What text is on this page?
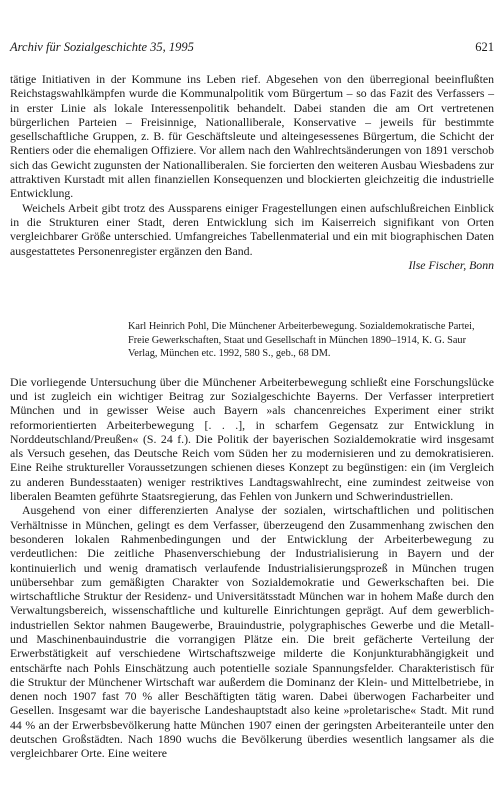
Archiv für Sozialgeschichte 35, 1995	621

tätige Initiativen in der Kommune ins Leben rief. Abgesehen von den überregional beeinflußten Reichstagswahlkämpfen wurde die Kommunalpolitik vom Bürgertum – so das Fazit des Verfassers – in erster Linie als lokale Interessenpolitik behandelt. Dabei standen die am Ort vertretenen bürgerlichen Parteien – Freisinnige, Nationalliberale, Konservative – jeweils für bestimmte gesellschaftliche Gruppen, z. B. für Geschäftsleute und alteingesessenes Bürgertum, die Schicht der Rentiers oder die ehemaligen Offiziere. Vor allem nach den Wahlrechtsänderungen von 1891 verschob sich das Gewicht zugunsten der Nationalliberalen. Sie forcierten den weiteren Ausbau Wiesbadens zur attraktiven Kurstadt mit allen finanziellen Konsequenzen und blockierten gleichzeitig die industrielle Entwicklung.

Weichels Arbeit gibt trotz des Aussparens einiger Fragestellungen einen aufschlußreichen Einblick in die Strukturen einer Stadt, deren Entwicklung sich im Kaiserreich signifikant von Orten vergleichbarer Größe unterschied. Umfangreiches Tabellenmaterial und ein mit biographischen Daten ausgestattetes Personenregister ergänzen den Band.

Ilse Fischer, Bonn
Karl Heinrich Pohl, Die Münchener Arbeiterbewegung. Sozialdemokratische Partei, Freie Gewerkschaften, Staat und Gesellschaft in München 1890–1914, K. G. Saur Verlag, München etc. 1992, 580 S., geb., 68 DM.

Die vorliegende Untersuchung über die Münchener Arbeiterbewegung schließt eine Forschungslücke und ist zugleich ein wichtiger Beitrag zur Sozialgeschichte Bayerns. Der Verfasser interpretiert München und in gewisser Weise auch Bayern »als chancenreiches Experiment einer strikt reformorientierten Arbeiterbewegung [. . .], in scharfem Gegensatz zur Entwicklung in Norddeutschland/Preußen« (S. 24 f.). Die Politik der bayerischen Sozialdemokratie wird insgesamt als Versuch gesehen, das Deutsche Reich vom Süden her zu modernisieren und zu demokratisieren. Eine Reihe struktureller Voraussetzungen schienen dieses Konzept zu begünstigen: ein (im Vergleich zu anderen Bundesstaaten) weniger restriktives Landtagswahlrecht, eine zumindest zeitweise von liberalen Beamten geführte Staatsregierung, das Fehlen von Junkern und Schwerindustriellen.

Ausgehend von einer differenzierten Analyse der sozialen, wirtschaftlichen und politischen Verhältnisse in München, gelingt es dem Verfasser, überzeugend den Zusammenhang zwischen den besonderen lokalen Rahmenbedingungen und der Entwicklung der Arbeiterbewegung zu verdeutlichen: Die zeitliche Phasenverschiebung der Industrialisierung in Bayern und der kontinuierlich und wenig dramatisch verlaufende Industrialisierungsprozeß in München trugen unübersehbar zum gemäßigten Charakter von Sozialdemokratie und Gewerkschaften bei. Die wirtschaftliche Struktur der Residenz- und Universitätsstadt München war in hohem Maße durch den Verwaltungsbereich, wissenschaftliche und kulturelle Einrichtungen geprägt. Auf dem gewerblich-industriellen Sektor nahmen Baugewerbe, Brauindustrie, polygraphisches Gewerbe und die Metall- und Maschinenbauindustrie die vorrangigen Plätze ein. Die breit gefächerte Verteilung der Erwerbstätigkeit auf verschiedene Wirtschaftszweige milderte die Konjunkturabhängigkeit und entschärfte nach Pohls Einschätzung auch potentielle soziale Spannungsfelder. Charakteristisch für die Struktur der Münchener Wirtschaft war außerdem die Dominanz der Klein- und Mittelbetriebe, in denen noch 1907 fast 70 % aller Beschäftigten tätig waren. Dabei überwogen Facharbeiter und Gesellen. Insgesamt war die bayerische Landeshauptstadt also keine »proletarische« Stadt. Mit rund 44 % an der Erwerbsbevölkerung hatte München 1907 einen der geringsten Arbeiteranteile unter den deutschen Großstädten. Nach 1890 wuchs die Bevölkerung überdies wesentlich langsamer als die vergleichbarer Orte. Eine weitere
